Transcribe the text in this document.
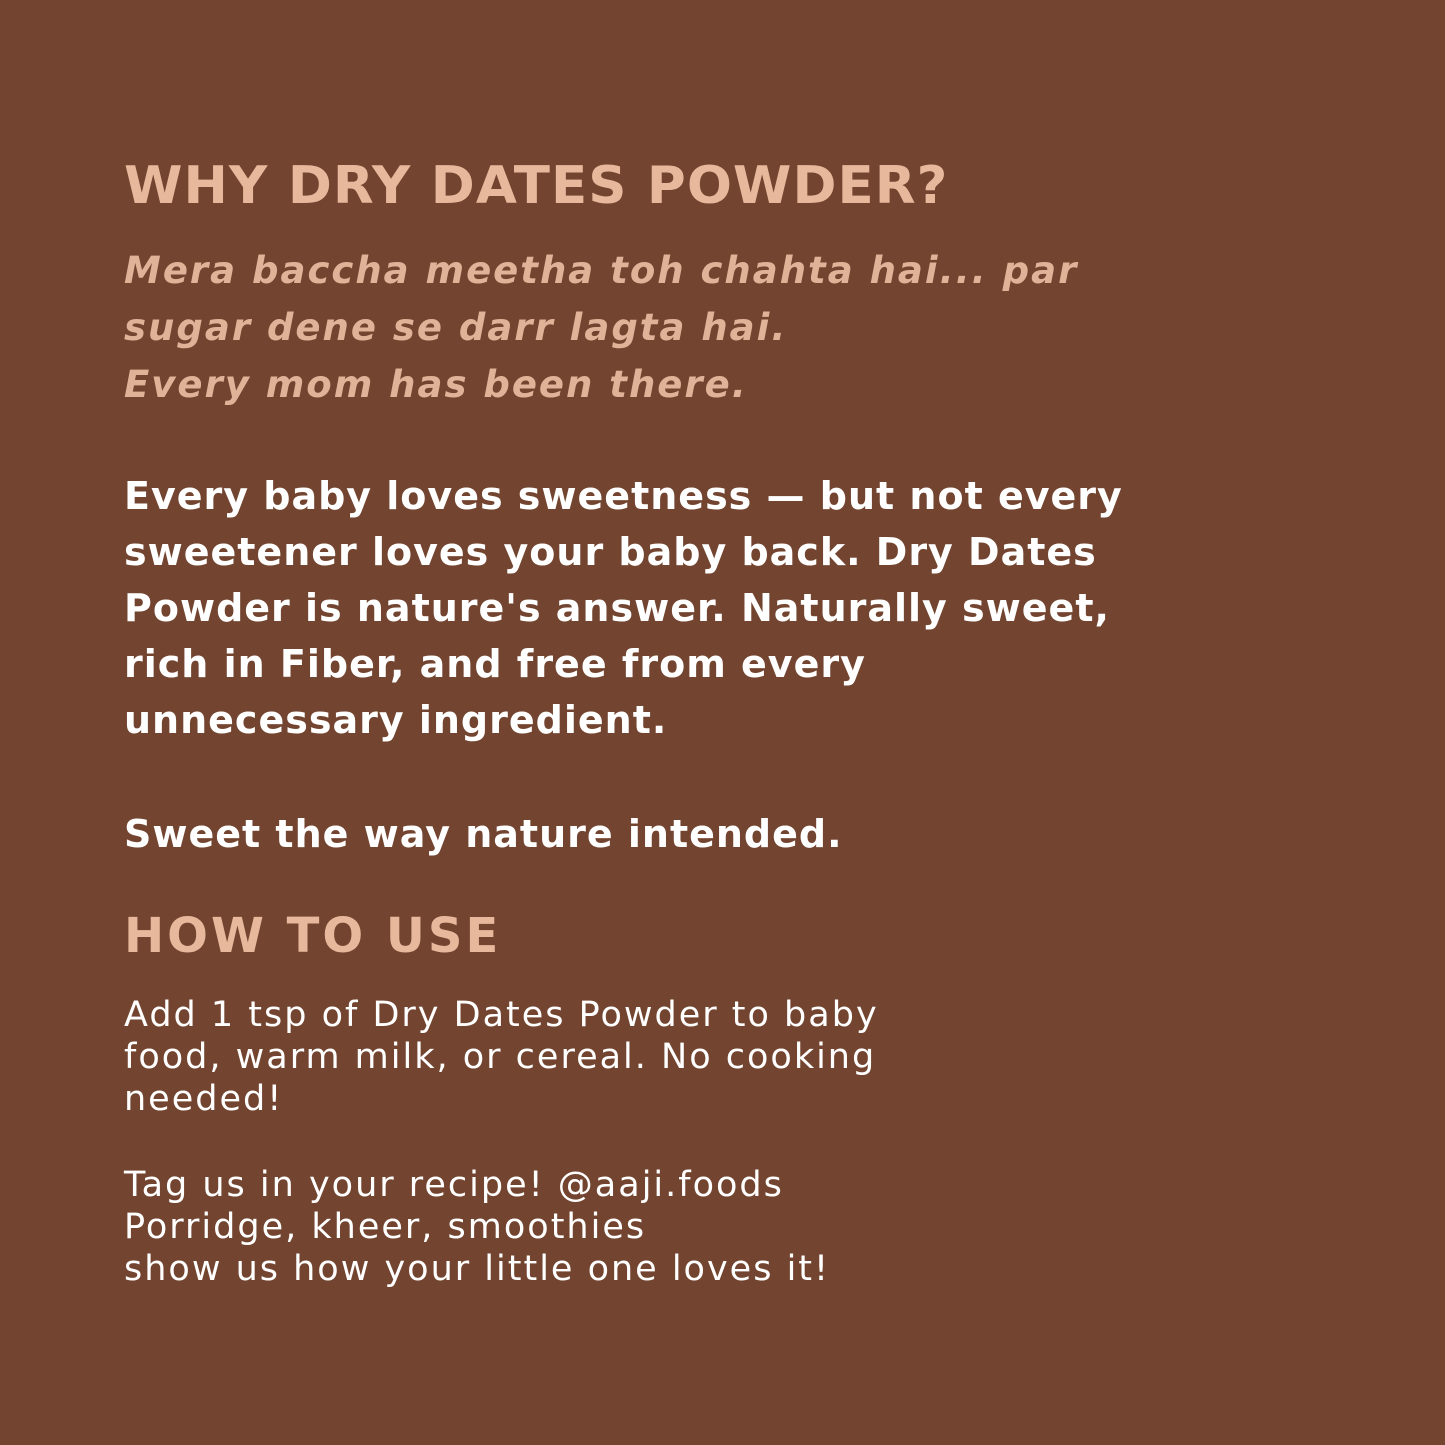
WHY DRY DATES POWDER?
Mera baccha meetha toh chahta hai... par
sugar dene se darr lagta hai.
Every mom has been there.
Every baby loves sweetness — but not every
sweetener loves your baby back. Dry Dates
Powder is nature's answer. Naturally sweet,
rich in Fiber, and free from every
unnecessary ingredient.
Sweet the way nature intended.
HOW TO USE
Add 1 tsp of Dry Dates Powder to baby
food, warm milk, or cereal. No cooking
needed!
Tag us in your recipe! @aaji.foods
Porridge, kheer, smoothies
show us how your little one loves it!
